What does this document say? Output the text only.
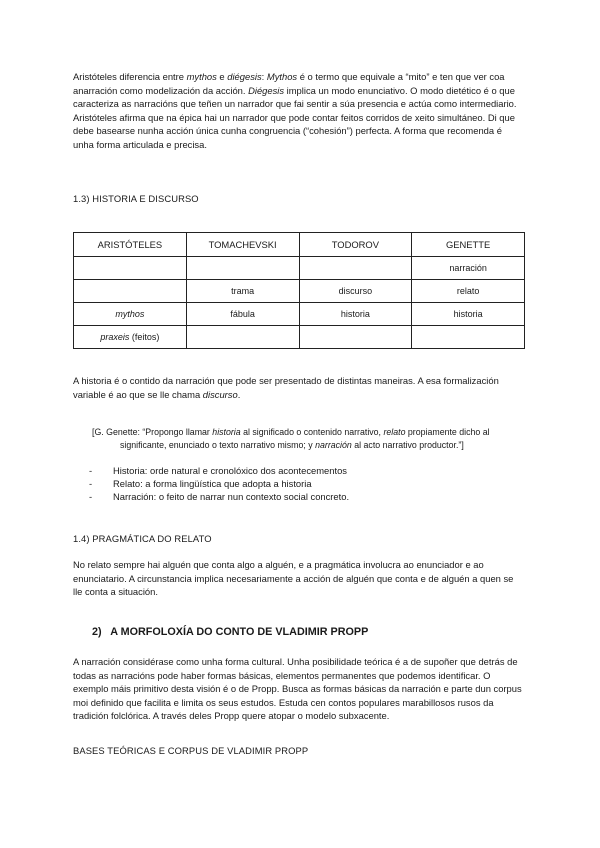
Aristóteles diferencia entre mythos e diégesis: Mythos é o termo que equivale a “mito” e ten que ver coa anarración como modelización da acción. Diégesis implica un modo enunciativo. O modo dietético é o que caracteriza as narracións que teñen un narrador que fai sentir a súa presencia e actúa como intermediario.

Aristóteles afirma que na épica hai un narrador que pode contar feitos corridos de xeito simultáneo. Di que debe basearse nunha acción única cunha congruencia (“cohesión”) perfecta. A forma que recomenda é unha forma articulada e precisa.

1.3) HISTORIA E DISCURSO
ARISTÓTELES	TOMACHEVSKI	TODOROV	GENETTE
			narración
	trama	discurso	relato
mythos	fábula	historia	historia
praxeis (feitos)			

A historia é o contido da narración que pode ser presentado de distintas maneiras. A esa formalización variable é ao que se lle chama discurso.

[G. Genette: “Propongo llamar historia al significado o contenido narrativo, relato propiamente dicho al
significante, enunciado o texto narrativo mismo; y narración al acto narrativo productor.”]
- Historia: orde natural e cronolóxico dos acontecementos
- Relato: a forma lingüística que adopta a historia
- Narración: o feito de narrar nun contexto social concreto.
1.4) PRAGMÁTICA DO RELATO

No relato sempre hai alguén que conta algo a alguén, e a pragmática involucra ao enunciador e ao enunciatario. A circunstancia implica necesariamente a acción de alguén que conta e de alguén a quen se lle conta a situación.

2)   A MORFOLOXÍA DO CONTO DE VLADIMIR PROPP

A narración considérase como unha forma cultural. Unha posibilidade teórica é a de supoñer que detrás de todas as narracións pode haber formas básicas, elementos permanentes que podemos identificar. O exemplo máis primitivo desta visión é o de Propp. Busca as formas básicas da narración e parte dun corpus moi definido que facilita e limita os seus estudos. Estuda cen contos populares marabillosos rusos da tradición folclórica. A través deles Propp quere atopar o modelo subxacente.

BASES TEÓRICAS E CORPUS DE VLADIMIR PROPP
